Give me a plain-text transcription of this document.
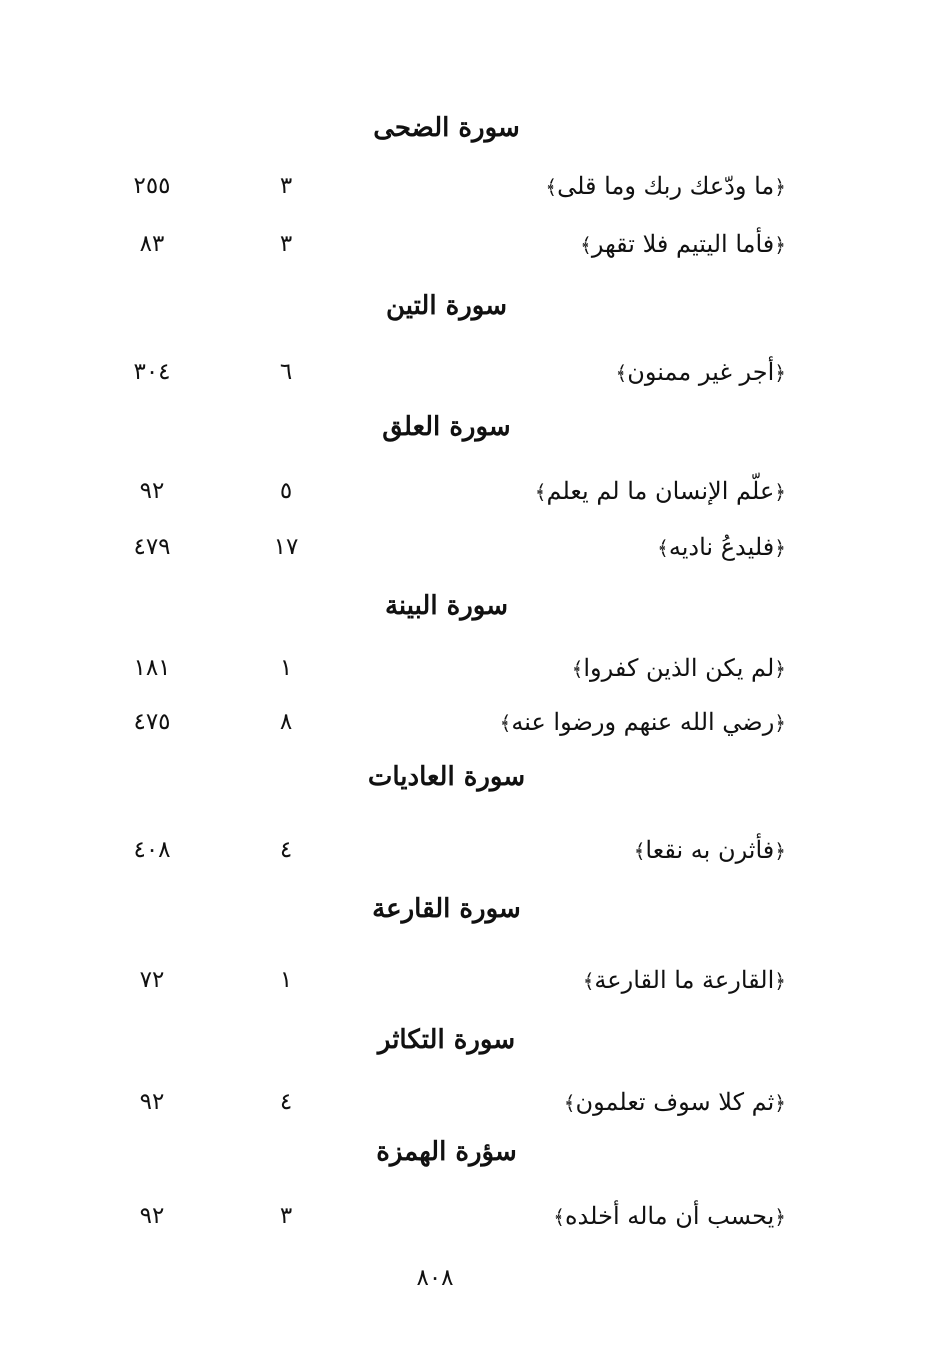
سورة الضحى
﴿ما ودّعك ربك وما قلى﴾
٣
٢٥٥
﴿فأما اليتيم فلا تقهر﴾
٣
٨٣
سورة التين
﴿أجر غير ممنون﴾
٦
٣٠٤
سورة العلق
﴿علّم الإنسان ما لم يعلم﴾
٥
٩٢
﴿فليدعُ ناديه﴾
١٧
٤٧٩
سورة البينة
﴿لم يكن الذين كفروا﴾
١
١٨١
﴿رضي الله عنهم ورضوا عنه﴾
٨
٤٧٥
سورة العاديات
﴿فأثرن به نقعا﴾
٤
٤٠٨
سورة القارعة
﴿القارعة ما القارعة﴾
١
٧٢
سورة التكاثر
﴿ثم كلا سوف تعلمون﴾
٤
٩٢
سؤرة الهمزة
﴿يحسب أن ماله أخلده﴾
٣
٩٢
٨٠٨
